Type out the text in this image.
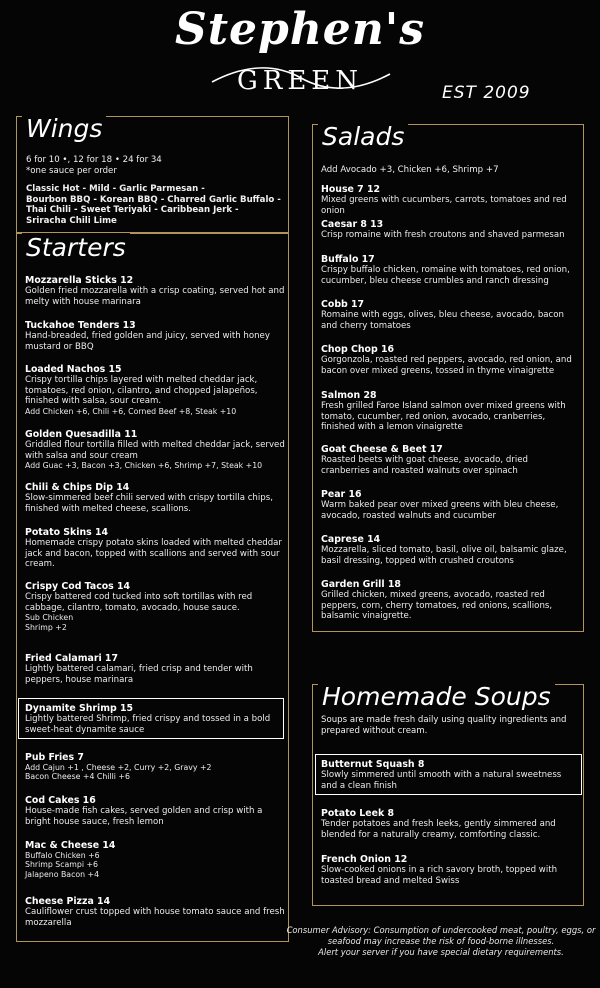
Stephen's
GREEN	EST 2009
Wings
6 for 10 •, 12 for 18 • 24 for 34
*one sauce per order
Classic Hot - Mild - Garlic Parmesan -
Bourbon BBQ - Korean BBQ - Charred Garlic Buffalo -
Thai Chili - Sweet Teriyaki - Caribbean Jerk -
Sriracha Chili Lime
Starters
Mozzarella Sticks 12
Golden fried mozzarella with a crisp coating, served hot and melty with house marinara
Tuckahoe Tenders 13
Hand-breaded, fried golden and juicy, served with honey mustard or BBQ
Loaded Nachos 15
Crispy tortilla chips layered with melted cheddar jack, tomatoes, red onion, cilantro, and chopped jalapeños, finished with salsa, sour cream.
Add Chicken +6, Chili +6, Corned Beef +8, Steak +10
Golden Quesadilla 11
Griddled flour tortilla filled with melted cheddar jack, served with salsa and sour cream
Add Guac +3, Bacon +3, Chicken +6, Shrimp +7, Steak +10
Chili & Chips Dip 14
Slow-simmered beef chili served with crispy tortilla chips, finished with melted cheese, scallions.
Potato Skins 14
Homemade crispy potato skins loaded with melted cheddar jack and bacon, topped with scallions and served with sour cream.
Crispy Cod Tacos 14
Crispy battered cod tucked into soft tortillas with red cabbage, cilantro, tomato, avocado, house sauce.
Sub Chicken
Shrimp +2
Fried Calamari 17
Lightly battered calamari, fried crisp and tender with peppers, house marinara
Dynamite Shrimp 15
Lightly battered Shrimp, fried crispy and tossed in a bold sweet-heat dynamite sauce
Pub Fries 7
Add Cajun +1 , Cheese +2, Curry +2, Gravy +2
Bacon Cheese +4 Chilli +6
Cod Cakes 16
House-made fish cakes, served golden and crisp with a bright house sauce, fresh lemon
Mac & Cheese 14
Buffalo Chicken +6
Shrimp Scampi +6
Jalapeno Bacon +4
Cheese Pizza 14
Cauliflower crust topped with house tomato sauce and fresh mozzarella
Salads
Add Avocado +3, Chicken +6, Shrimp +7
House 7 12
Mixed greens with cucumbers, carrots, tomatoes and red onion
Caesar 8 13
Crisp romaine with fresh croutons and shaved parmesan
Buffalo 17
Crispy buffalo chicken, romaine with tomatoes, red onion, cucumber, bleu cheese crumbles and ranch dressing
Cobb 17
Romaine with eggs, olives, bleu cheese, avocado, bacon and cherry tomatoes
Chop Chop 16
Gorgonzola, roasted red peppers, avocado, red onion, and bacon over mixed greens, tossed in thyme vinaigrette
Salmon 28
Fresh grilled Faroe Island salmon over mixed greens with tomato, cucumber, red onion, avocado, cranberries, finished with a lemon vinaigrette
Goat Cheese & Beet 17
Roasted beets with goat cheese, avocado, dried cranberries and roasted walnuts over spinach
Pear 16
Warm baked pear over mixed greens with bleu cheese, avocado, roasted walnuts and cucumber
Caprese 14
Mozzarella, sliced tomato, basil, olive oil, balsamic glaze, basil dressing, topped with crushed croutons
Garden Grill 18
Grilled chicken, mixed greens, avocado, roasted red peppers, corn, cherry tomatoes, red onions, scallions, balsamic vinaigrette.
Homemade Soups
Soups are made fresh daily using quality ingredients and prepared without cream.
Butternut Squash 8
Slowly simmered until smooth with a natural sweetness and a clean finish
Potato Leek 8
Tender potatoes and fresh leeks, gently simmered and blended for a naturally creamy, comforting classic.
French Onion 12
Slow-cooked onions in a rich savory broth, topped with toasted bread and melted Swiss
Consumer Advisory: Consumption of undercooked meat, poultry, eggs, or
seafood may increase the risk of food-borne illnesses.
Alert your server if you have special dietary requirements.
